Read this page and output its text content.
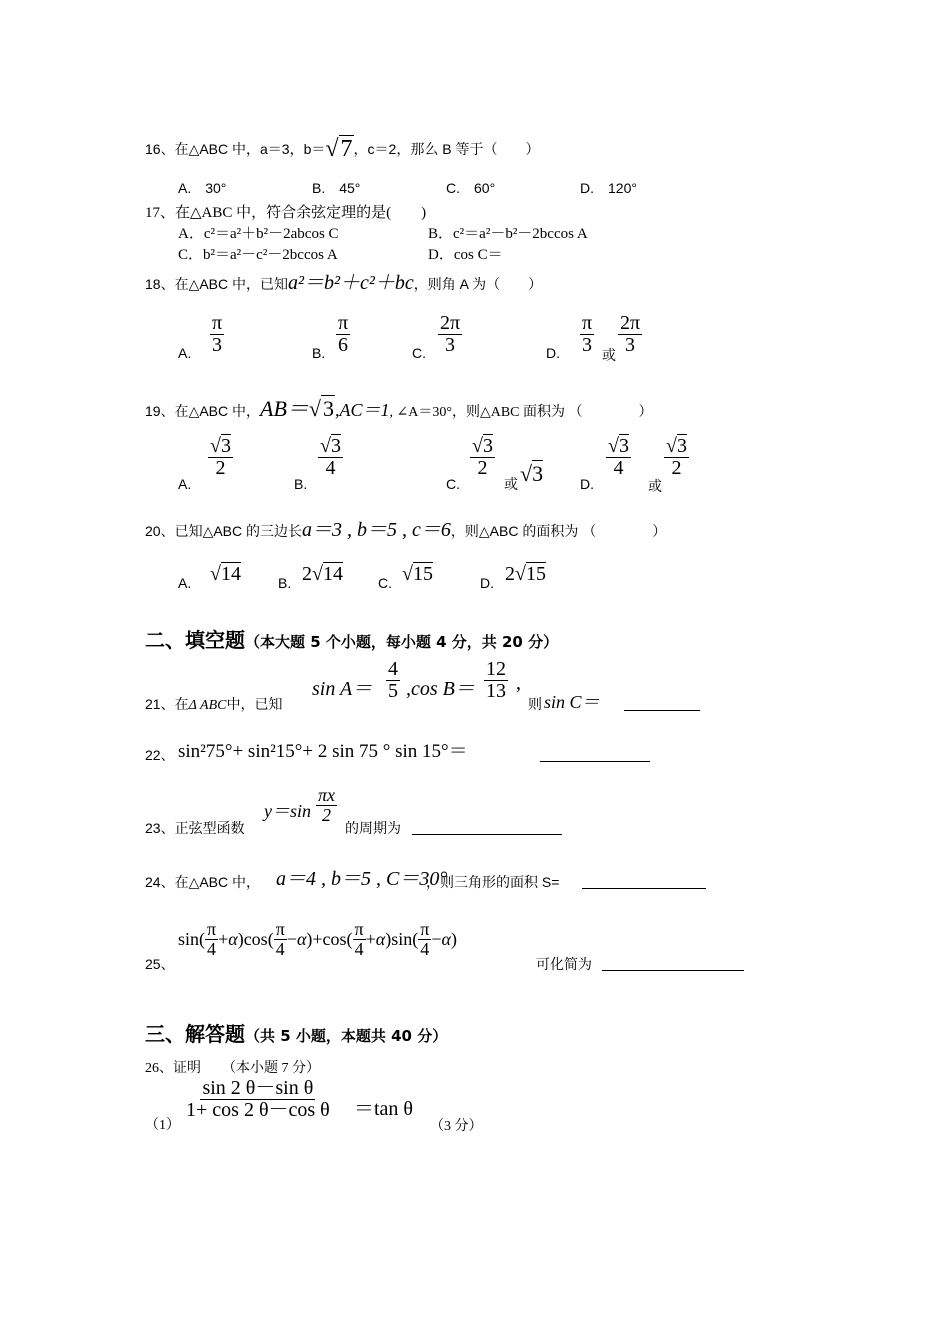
16、在△ABC 中，a＝3，b＝√7，c＝2，那么 B 等于（　　）
A.　30°	B.　45°	C.　60°	D.　120°
17、在△ABC 中，符合余弦定理的是(　　)
A．c²＝a²＋b²－2abcos C	B．c²＝a²－b²－2bccos A
C．b²＝a²－c²－2bccos A	D．cos C＝
18、在△ABC 中，已知a²＝b²＋c²＋bc，则角 A 为（　　）
A. $\frac{\pi}{3}$	B. $\frac{\pi}{6}$	C. $\frac{2\pi}{3}$	D. $\frac{\pi}{3}$ 或 $\frac{2\pi}{3}$
19、在△ABC 中，AB＝√3,AC＝1, ∠A＝30°，则△ABC 面积为 （　　　　）
A.
$\frac{√3}{2}$
B.
$\frac{√3}{4}$
C.
$\frac{√3}{2}$
或 √3	D.
$\frac{√3}{4}$
或
$\frac{√3}{2}$
20、已知△ABC 的三边长a＝3 , b＝5 , c＝6，则△ABC 的面积为 （　　　　）
A. √14	B. 2√14	C. √15	D. 2√15
二、填空题（本大题 5 个小题，每小题 4 分，共 20 分）
21、在Δ ABC中，已知
$\sin A= \frac{4}{5} ,\cos$ $B= \frac{12}{13}$ ,
则 sin C＝
22、 sin²75°+ sin²15°+ 2 sin 75 ° sin 15°＝
23、正弦型函数
$y=\sin \frac{\pi x}{2}$
的周期为
24、在△ABC 中， a＝4 , b＝5 , C＝30°
，则三角形的面积 S=
25、
$\sin( \frac{\pi}{4} +\alpha)\cos( \frac{\pi}{4} -\alpha)+\cos( \frac{\pi}{4} +\alpha)\sin( \frac{\pi}{4} -\alpha)$
可化简为
三、解答题（共 5 小题，本题共 40 分）
26、证明　　（本小题 7 分）
（1）
$\frac{\text{sin 2 θ－sin θ}}{\text{1+ cos 2 θ－cos θ}} =\tan$ θ
（3 分）
